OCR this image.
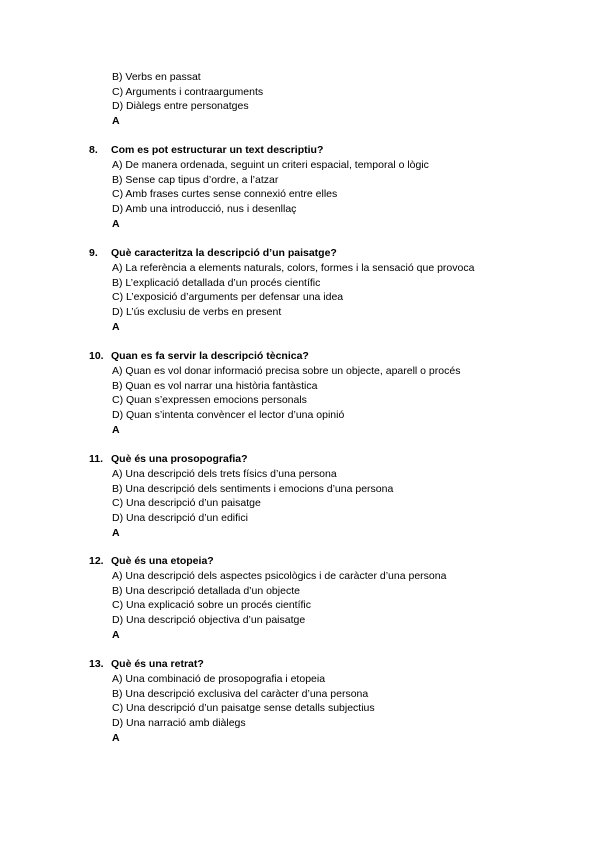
B) Verbs en passat
C) Arguments i contraarguments
D) Diàlegs entre personatges
A
8.	Com es pot estructurar un text descriptiu?
A) De manera ordenada, seguint un criteri espacial, temporal o lògic
B) Sense cap tipus d’ordre, a l’atzar
C) Amb frases curtes sense connexió entre elles
D) Amb una introducció, nus i desenllaç
A
9.	Què caracteritza la descripció d’un paisatge?
A) La referència a elements naturals, colors, formes i la sensació que provoca
B) L’explicació detallada d’un procés científic
C) L’exposició d’arguments per defensar una idea
D) L’ús exclusiu de verbs en present
A
10. Quan es fa servir la descripció tècnica?
A) Quan es vol donar informació precisa sobre un objecte, aparell o procés
B) Quan es vol narrar una història fantàstica
C) Quan s’expressen emocions personals
D) Quan s’intenta convèncer el lector d’una opinió
A
11. Què és una prosopografia?
A) Una descripció dels trets físics d’una persona
B) Una descripció dels sentiments i emocions d’una persona
C) Una descripció d’un paisatge
D) Una descripció d’un edifici
A
12. Què és una etopeia?
A) Una descripció dels aspectes psicològics i de caràcter d’una persona
B) Una descripció detallada d’un objecte
C) Una explicació sobre un procés científic
D) Una descripció objectiva d’un paisatge
A
13. Què és una retrat?
A) Una combinació de prosopografia i etopeia
B) Una descripció exclusiva del caràcter d’una persona
C) Una descripció d’un paisatge sense detalls subjectius
D) Una narració amb diàlegs
A
